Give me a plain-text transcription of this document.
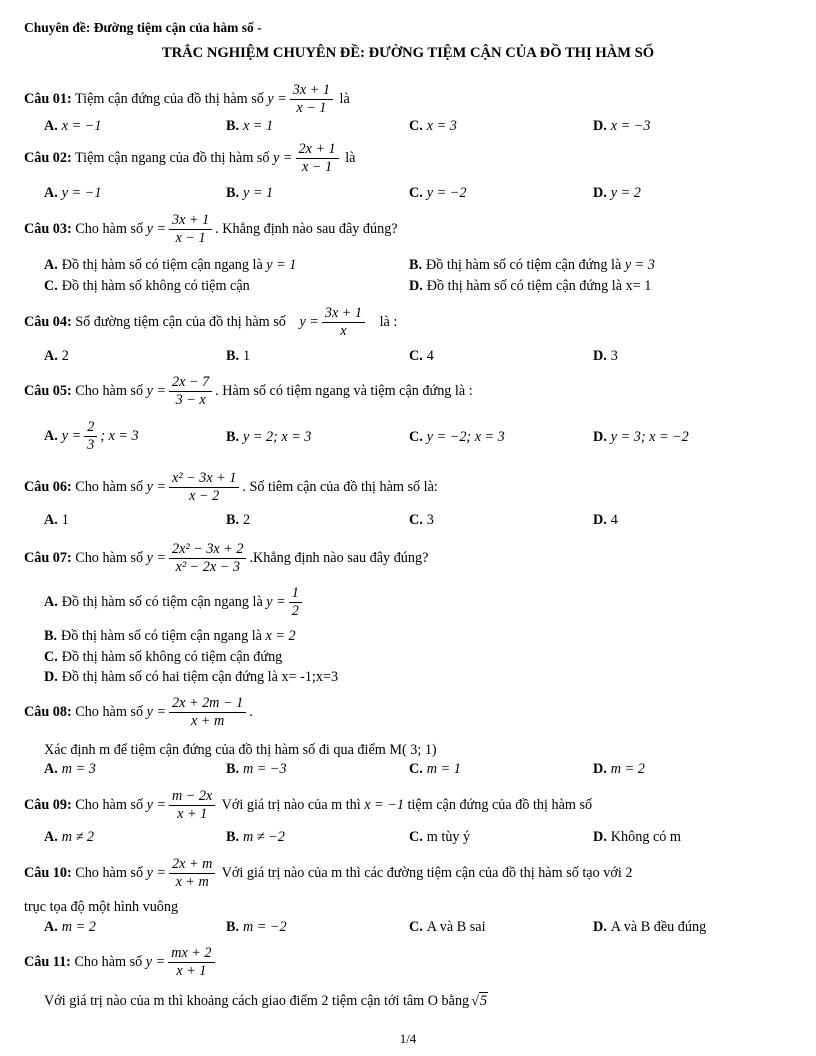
Chuyên đề: Đường tiệm cận của hàm số -
TRẮC NGHIỆM CHUYÊN ĐỀ: ĐƯỜNG TIỆM CẬN CỦA ĐỒ THỊ HÀM SỐ
Câu 01: Tiệm cận đứng của đồ thị hàm số $y = \frac{3x + 1}{x - 1}$ là
A. x = −1	B. x = 1	C. x = 3	D. x = −3
Câu 02: Tiệm cận ngang của đồ thị hàm số $y = \frac{2x + 1}{x - 1}$ là
A. y = −1	B. y = 1	C. y = −2	D. y = 2
Câu 03: Cho hàm số $y = \frac{3x + 1}{x - 1}$ . Khẳng định nào sau đây đúng?
A. Đồ thị hàm số có tiệm cận ngang là y = 1	B. Đồ thị hàm số có tiệm cận đứng là y = 3
C. Đồ thị hàm số không có tiệm cận	D. Đồ thị hàm số có tiệm cận đứng là x= 1
Câu 04: Số đường tiệm cận của đồ thị hàm số $y = \frac{3x + 1}{x}$ là :
A. 2	B. 1	C. 4	D. 3
Câu 05: Cho hàm số $y = \frac{2x - 7}{3 - x}$ . Hàm số có tiệm ngang và tiệm cận đứng là :
A. $y = \frac{2}{3}$ ; x = 3	B. y = 2; x = 3	C. y = −2; x = 3	D. y = 3; x = −2
Câu 06: Cho hàm số $y = \frac{\text{x² − 3x + 1}}{x - 2}$ . Số tiêm cận của đồ thị hàm số là:
A. 1	B. 2	C. 3	D. 4
Câu 07: Cho hàm số $y = \frac{\text{2x² − 3x + 2}}{\text{x² − 2x − 3}}$ .Khẳng định nào sau đây đúng?
A. Đồ thị hàm số có tiệm cận ngang là $y = \frac{1}{2}$
B. Đồ thị hàm số có tiệm cận ngang là x = 2
C. Đồ thị hàm số không có tiệm cận đứng
D. Đồ thị hàm số có hai tiệm cận đứng là x= -1;x=3
Câu 08: Cho hàm số $y = \frac{2x + 2m - 1}{x + m}$ .
Xác định m để tiệm cận đứng của đồ thị hàm số đi qua điểm M( 3; 1)
A. m = 3	B. m = −3	C. m = 1	D. m = 2
Câu 09: Cho hàm số $y = \frac{m - 2x}{x + 1}$ Với giá trị nào của m thì x = −1 tiệm cận đứng của đồ thị hàm số
A. m ≠ 2	B. m ≠ −2	C. m tùy ý	D. Không có m
Câu 10: Cho hàm số $y = \frac{2x + m}{x + m}$ Với giá trị nào của m thì các đường tiệm cận của đồ thị hàm số tạo với 2
trục tọa độ một hình vuông
A. m = 2	B. m = −2	C. A và B sai	D. A và B đều đúng
Câu 11: Cho hàm số $y = \frac{mx + 2}{x + 1}$
Với giá trị nào của m thì khoảng cách giao điểm 2 tiệm cận tới tâm O bằng √5
1/4
